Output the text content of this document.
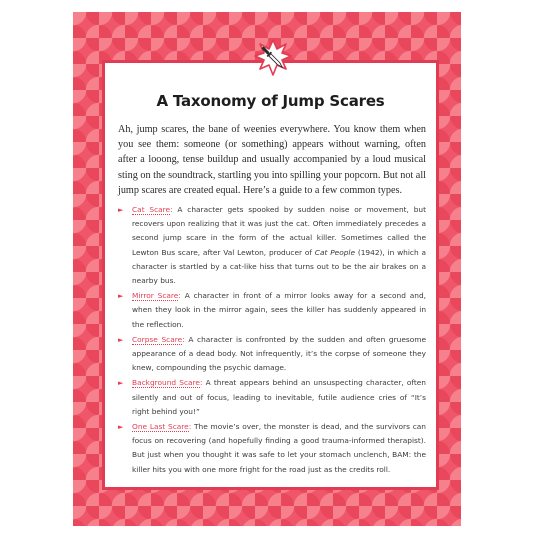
A Taxonomy of Jump Scares

Ah, jump scares, the bane of weenies everywhere. You know them when you see them: someone (or something) appears without warning, often after a looong, tense buildup and usually accompanied by a loud musical sting on the soundtrack, startling you into spilling your popcorn. But not all jump scares are created equal. Here’s a guide to a few common types.

► Cat Scare: A character gets spooked by sudden noise or movement, but recovers upon realizing that it was just the cat. Often immediately precedes a second jump scare in the form of the actual killer. Sometimes called the Lewton Bus scare, after Val Lewton, producer of Cat People (1942), in which a character is startled by a cat-like hiss that turns out to be the air brakes on a nearby bus.
► Mirror Scare: A character in front of a mirror looks away for a second and, when they look in the mirror again, sees the killer has suddenly appeared in the reflection.
► Corpse Scare: A character is confronted by the sudden and often gruesome appearance of a dead body. Not infrequently, it’s the corpse of someone they knew, compounding the psychic damage.
► Background Scare: A threat appears behind an unsuspecting character, often silently and out of focus, leading to inevitable, futile audience cries of “It’s right behind you!”
► One Last Scare: The movie’s over, the monster is dead, and the survivors can focus on recovering (and hopefully finding a good trauma-informed therapist). But just when you thought it was safe to let your stomach unclench, BAM: the killer hits you with one more fright for the road just as the credits roll.
